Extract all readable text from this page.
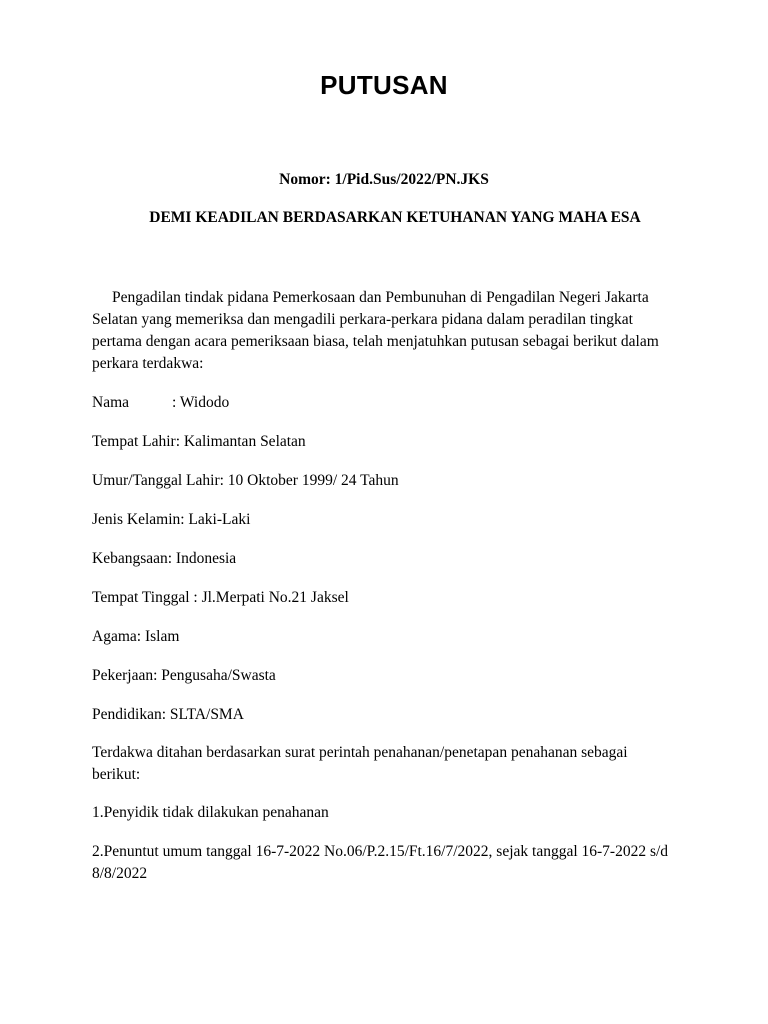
PUTUSAN
Nomor: 1/Pid.Sus/2022/PN.JKS
DEMI KEADILAN BERDASARKAN KETUHANAN YANG MAHA ESA
Pengadilan tindak pidana Pemerkosaan dan Pembunuhan di Pengadilan Negeri Jakarta
Selatan yang memeriksa dan mengadili perkara-perkara pidana dalam peradilan tingkat
pertama dengan acara pemeriksaan biasa, telah menjatuhkan putusan sebagai berikut dalam
perkara terdakwa:
Nama	: Widodo
Tempat Lahir: Kalimantan Selatan
Umur/Tanggal Lahir: 10 Oktober 1999/ 24 Tahun
Jenis Kelamin: Laki-Laki
Kebangsaan: Indonesia
Tempat Tinggal : Jl.Merpati No.21 Jaksel
Agama: Islam
Pekerjaan: Pengusaha/Swasta
Pendidikan: SLTA/SMA
Terdakwa ditahan berdasarkan surat perintah penahanan/penetapan penahanan sebagai
berikut:
1.Penyidik tidak dilakukan penahanan
2.Penuntut umum tanggal 16-7-2022 No.06/P.2.15/Ft.16/7/2022, sejak tanggal 16-7-2022 s/d
8/8/2022
